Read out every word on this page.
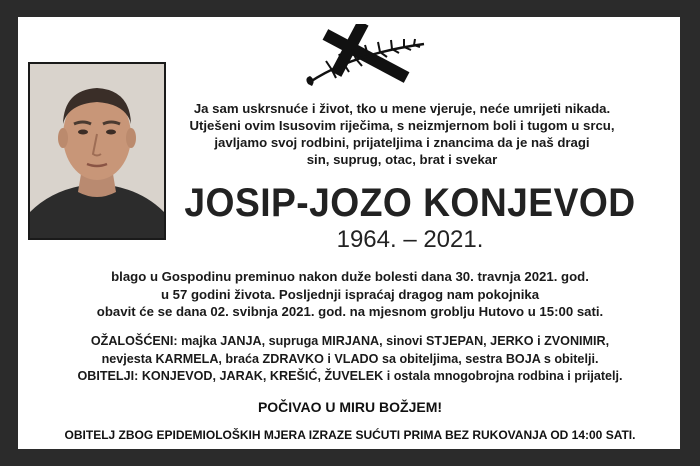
Ja sam uskrsnuće i život, tko u mene vjeruje, neće umrijeti nikada.
Utješeni ovim Isusovim riječima, s neizmjernom boli i tugom u srcu,
javljamo svoj rodbini, prijateljima i znancima da je naš dragi
sin, suprug, otac, brat i svekar
JOSIP-JOZO KONJEVOD
1964. – 2021.
blago u Gospodinu preminuo nakon duže bolesti dana 30. travnja 2021. god.
u 57 godini života. Posljednji ispraćaj dragog nam pokojnika
obavit će se dana 02. svibnja 2021. god. na mjesnom groblju Hutovo u 15:00 sati.
OŽALOŠĆENI: majka JANJA, supruga MIRJANA, sinovi STJEPAN, JERKO i ZVONIMIR,
nevjesta KARMELA, braća ZDRAVKO i VLADO sa obiteljima, sestra BOJA s obitelji.
OBITELJI: KONJEVOD, JARAK, KREŠIĆ, ŽUVELEK i ostala mnogobrojna rodbina i prijatelj.
POČIVAO U MIRU BOŽJEM!
OBITELJ ZBOG EPIDEMIOLOŠKIH MJERA IZRAZE SUĆUTI PRIMA BEZ RUKOVANJA OD 14:00 SATI.
